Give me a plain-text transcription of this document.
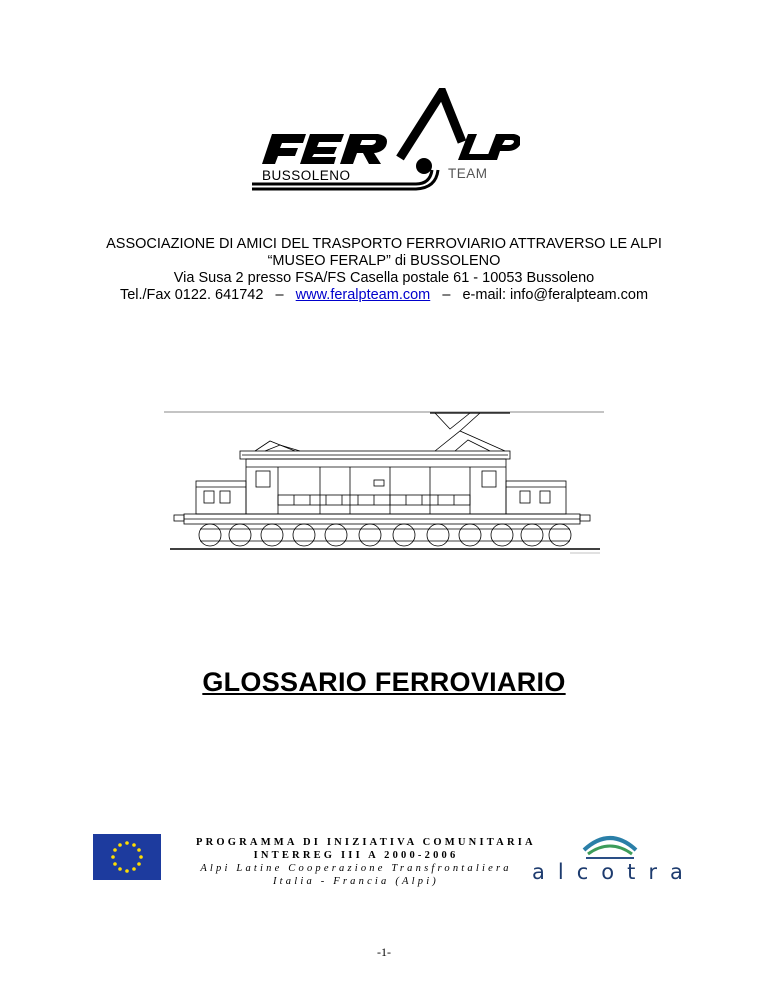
BUSSOLENO	TEAM
ASSOCIAZIONE DI AMICI DEL TRASPORTO FERROVIARIO ATTRAVERSO LE ALPI
“MUSEO FERALP” di BUSSOLENO
Via Susa 2 presso FSA/FS Casella postale 61 - 10053 Bussoleno
Tel./Fax 0122. 641742   –   www.feralpteam.com   –   e-mail: info@feralpteam.com
GLOSSARIO FERROVIARIO
PROGRAMMA DI INIZIATIVA COMUNITARIA
INTERREG III A 2000-2006
Alpi Latine Cooperazione Transfrontaliera
Italia - Francia (Alpi)	alcotra
-1-
